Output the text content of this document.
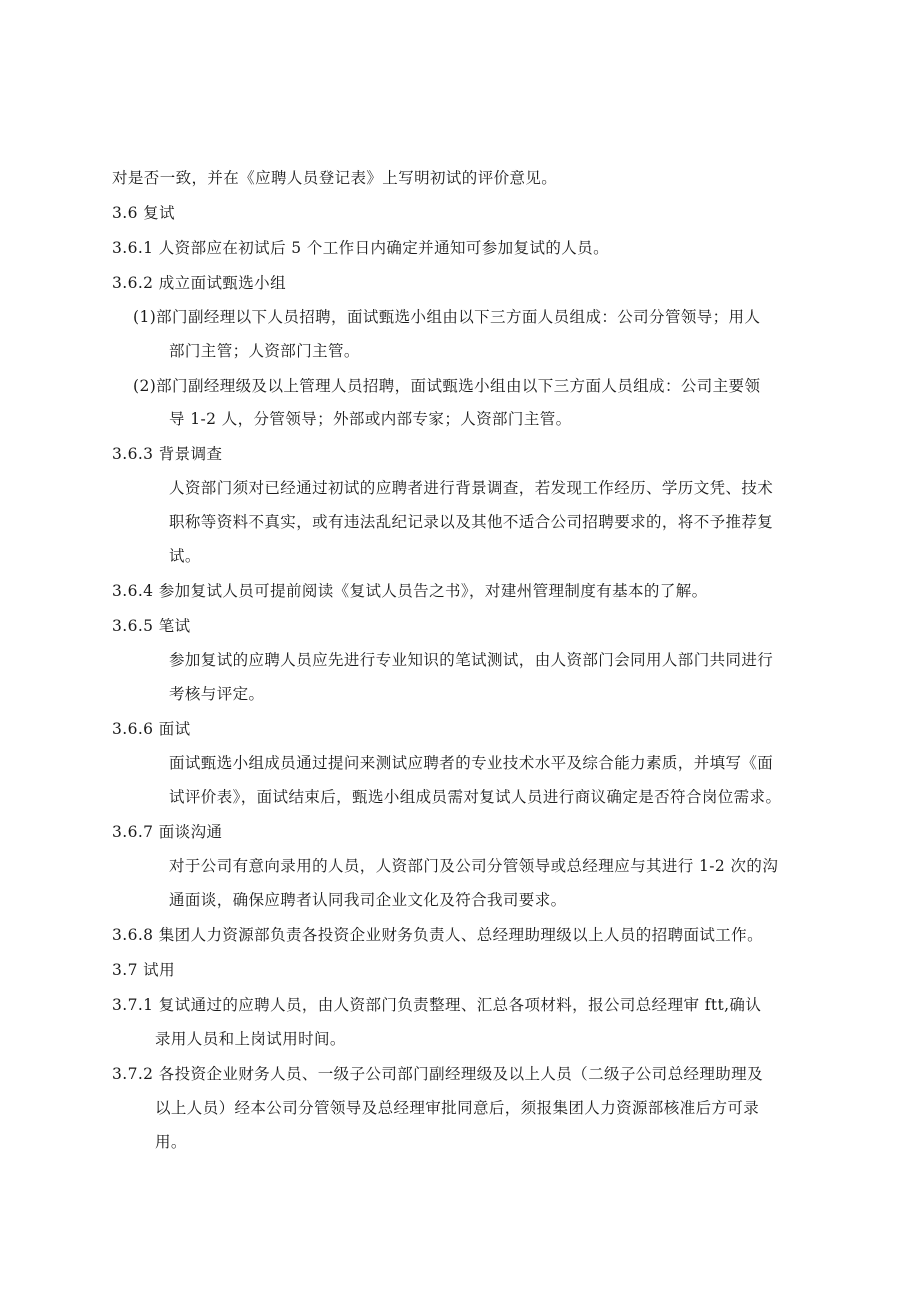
对是否一致，并在《应聘人员登记表》上写明初试的评价意见。
3.6 复试
3.6.1 人资部应在初试后 5 个工作日内确定并通知可参加复试的人员。
3.6.2 成立面试甄选小组
(1)部门副经理以下人员招聘，面试甄选小组由以下三方面人员组成：公司分管领导；用人
部门主管；人资部门主管。
(2)部门副经理级及以上管理人员招聘，面试甄选小组由以下三方面人员组成：公司主要领
导 1-2 人，分管领导；外部或内部专家；人资部门主管。
3.6.3 背景调查
人资部门须对已经通过初试的应聘者进行背景调查，若发现工作经历、学历文凭、技术
职称等资料不真实，或有违法乱纪记录以及其他不适合公司招聘要求的，将不予推荐复
试。
3.6.4 参加复试人员可提前阅读《复试人员告之书》，对建州管理制度有基本的了解。
3.6.5 笔试
参加复试的应聘人员应先进行专业知识的笔试测试，由人资部门会同用人部门共同进行
考核与评定。
3.6.6 面试
面试甄选小组成员通过提问来测试应聘者的专业技术水平及综合能力素质，并填写《面
试评价表》，面试结束后，甄选小组成员需对复试人员进行商议确定是否符合岗位需求。
3.6.7 面谈沟通
对于公司有意向录用的人员，人资部门及公司分管领导或总经理应与其进行 1-2 次的沟
通面谈，确保应聘者认同我司企业文化及符合我司要求。
3.6.8 集团人力资源部负责各投资企业财务负责人、总经理助理级以上人员的招聘面试工作。
3.7 试用
3.7.1 复试通过的应聘人员，由人资部门负责整理、汇总各项材料，报公司总经理审 ftt,确认
录用人员和上岗试用时间。
3.7.2 各投资企业财务人员、一级子公司部门副经理级及以上人员（二级子公司总经理助理及
以上人员）经本公司分管领导及总经理审批同意后，须报集团人力资源部核准后方可录
用。
